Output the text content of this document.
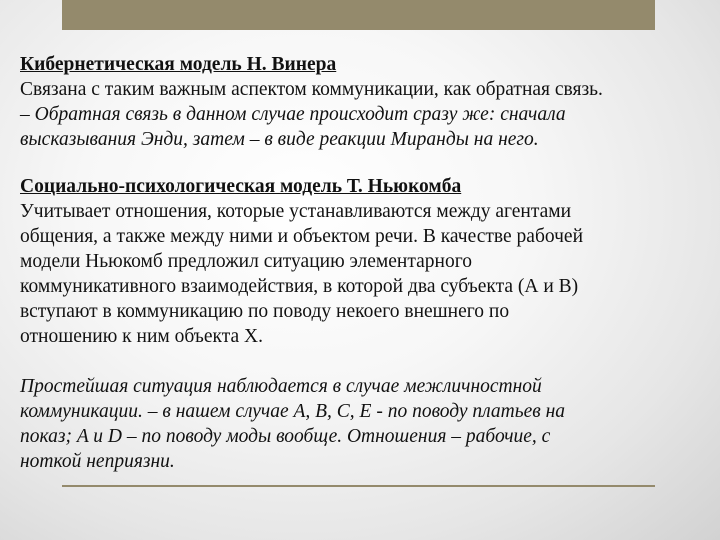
Кибернетическая модель Н. Винера
Связана с таким важным аспектом коммуникации, как обратная связь.
– Обратная связь в данном случае происходит сразу же: сначала
высказывания Энди, затем – в виде реакции Миранды на него.
Социально-психологическая модель Т. Ньюкомба
Учитывает отношения, которые устанавливаются между агентами
общения, а также между ними и объектом речи. В качестве рабочей
модели Ньюкомб предложил ситуацию элементарного
коммуникативного взаимодействия, в которой два субъекта (А и В)
вступают в коммуникацию по поводу некоего внешнего по
отношению к ним объекта X.
Простейшая ситуация наблюдается в случае межличностной
коммуникации. – в нашем случае A, B, C, E - по поводу платьев на
показ; A и D – по поводу моды вообще. Отношения – рабочие, с
ноткой неприязни.
